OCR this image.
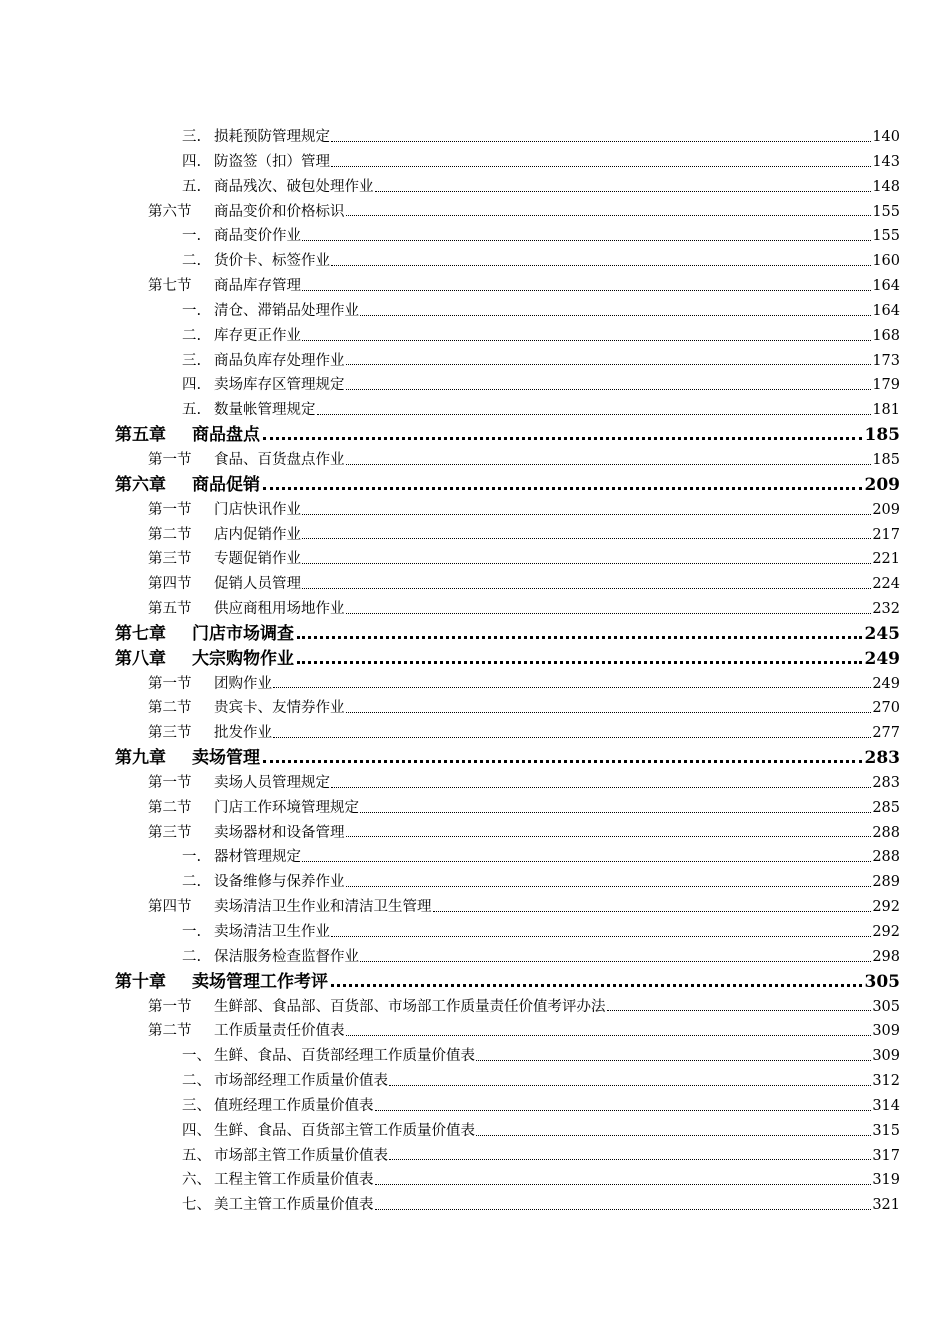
三. 损耗预防管理规定	140
四. 防盗签（扣）管理	143
五. 商品残次、破包处理作业	148
第六节	商品变价和价格标识	155
一. 商品变价作业	155
二. 货价卡、标签作业	160
第七节	商品库存管理	164
一. 清仓、滞销品处理作业	164
二. 库存更正作业	168
三. 商品负库存处理作业	173
四. 卖场库存区管理规定	179
五. 数量帐管理规定	181
第五章	商品盘点	185
第一节	食品、百货盘点作业	185
第六章	商品促销	209
第一节	门店快讯作业	209
第二节	店内促销作业	217
第三节	专题促销作业	221
第四节	促销人员管理	224
第五节	供应商租用场地作业	232
第七章	门店市场调查	245
第八章	大宗购物作业	249
第一节	团购作业	249
第二节	贵宾卡、友情券作业	270
第三节	批发作业	277
第九章	卖场管理	283
第一节	卖场人员管理规定	283
第二节	门店工作环境管理规定	285
第三节	卖场器材和设备管理	288
一. 器材管理规定	288
二. 设备维修与保养作业	289
第四节	卖场清洁卫生作业和清洁卫生管理	292
一. 卖场清洁卫生作业	292
二. 保洁服务检查监督作业	298
第十章	卖场管理工作考评	305
第一节	生鲜部、食品部、百货部、市场部工作质量责任价值考评办法	305
第二节	工作质量责任价值表	309
一、 生鲜、食品、百货部经理工作质量价值表	309
二、 市场部经理工作质量价值表	312
三、 值班经理工作质量价值表	314
四、 生鲜、食品、百货部主管工作质量价值表	315
五、 市场部主管工作质量价值表	317
六、 工程主管工作质量价值表	319
七、 美工主管工作质量价值表	321
